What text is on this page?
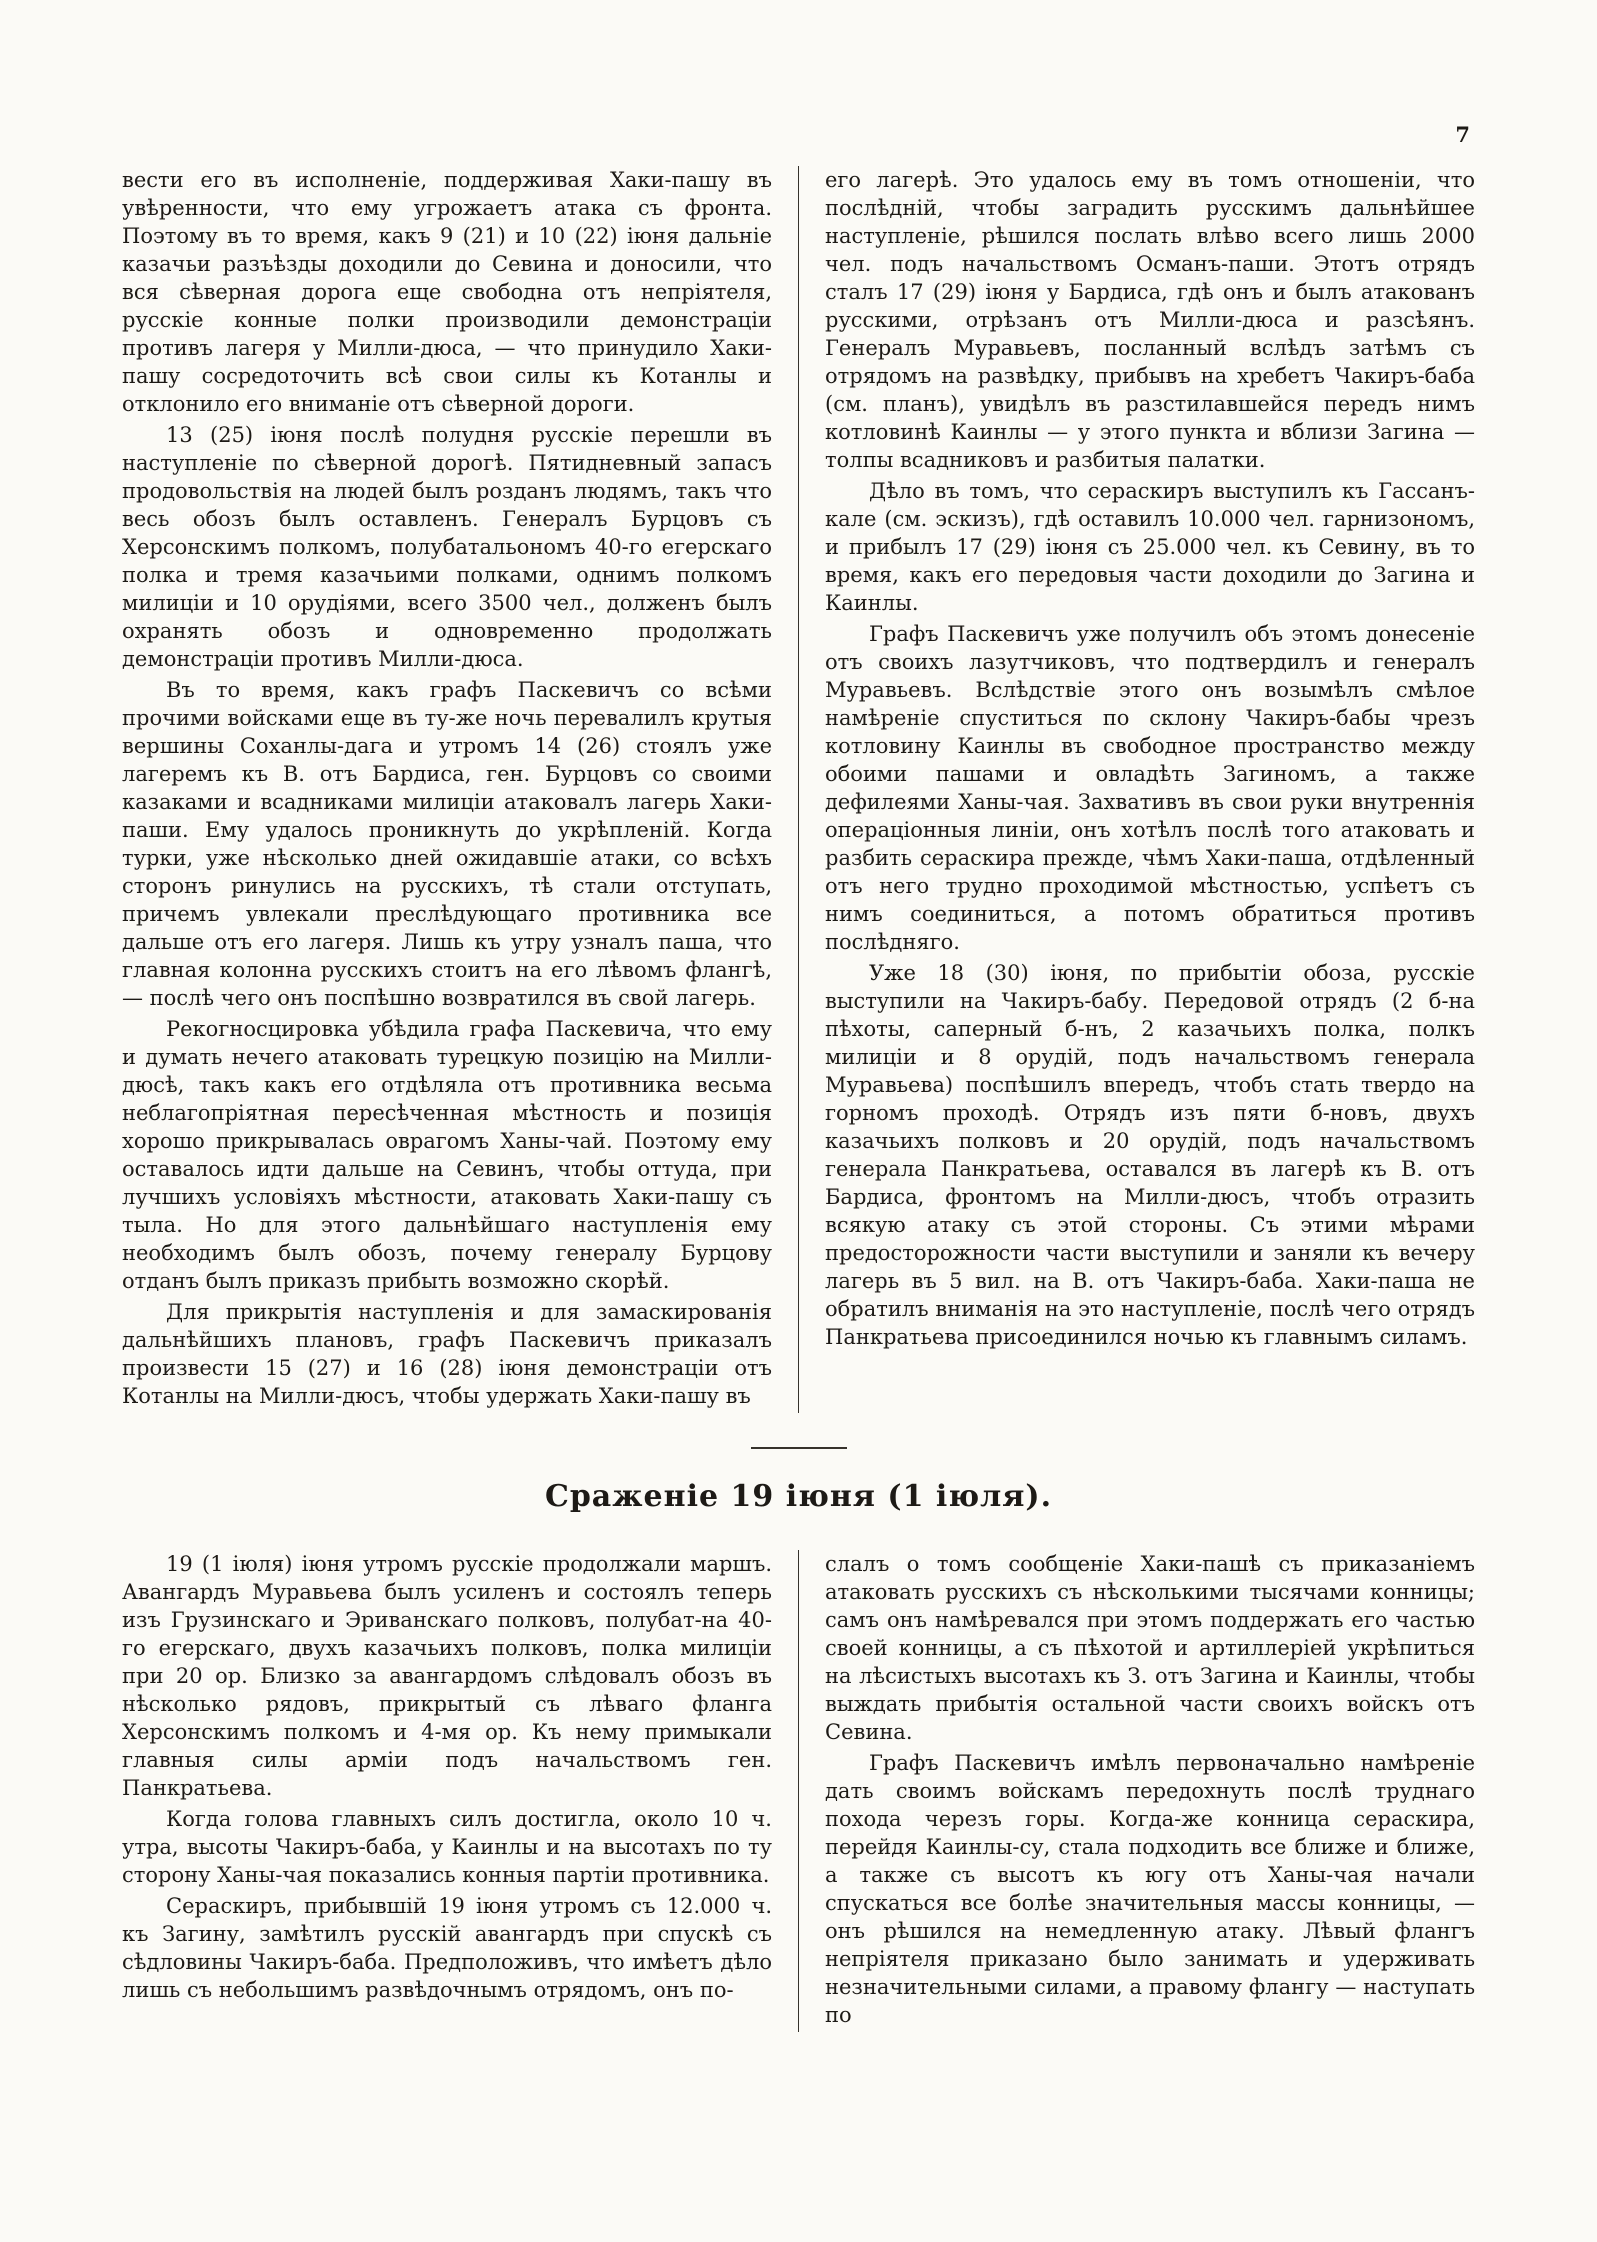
7

вести его въ исполненіе, поддерживая Хаки-пашу въ увѣренности, что ему угрожаетъ атака съ фронта. Поэтому въ то время, какъ 9 (21) и 10 (22) іюня дальніе казачьи разъѣзды доходили до Севина и доносили, что вся сѣверная дорога еще свободна отъ непріятеля, русскіе конные полки производили демонстраціи противъ лагеря у Милли-дюса, — что принудило Хаки-пашу сосредоточить всѣ свои силы къ Котанлы и отклонило его вниманіе отъ сѣверной дороги.

13 (25) іюня послѣ полудня русскіе перешли въ наступленіе по сѣверной дорогѣ. Пятидневный запасъ продовольствія на людей былъ розданъ людямъ, такъ что весь обозъ былъ оставленъ. Генералъ Бурцовъ съ Херсонскимъ полкомъ, полубатальономъ 40-го егерскаго полка и тремя казачьими полками, однимъ полкомъ милиціи и 10 орудіями, всего 3500 чел., долженъ былъ охранять обозъ и одновременно продолжать демонстраціи противъ Милли-дюса.

Въ то время, какъ графъ Паскевичъ со всѣми прочими войсками еще въ ту-же ночь перевалилъ крутыя вершины Соханлы-дага и утромъ 14 (26) стоялъ уже лагеремъ къ В. отъ Бардиса, ген. Бурцовъ со своими казаками и всадниками милиціи атаковалъ лагерь Хаки-паши. Ему удалось проникнуть до укрѣпленій. Когда турки, уже нѣсколько дней ожидавшіе атаки, со всѣхъ сторонъ ринулись на русскихъ, тѣ стали отступать, причемъ увлекали преслѣдующаго противника все дальше отъ его лагеря. Лишь къ утру узналъ паша, что главная колонна русскихъ стоитъ на его лѣвомъ флангѣ, — послѣ чего онъ поспѣшно возвратился въ свой лагерь.

Рекогносцировка убѣдила графа Паскевича, что ему и думать нечего атаковать турецкую позицію на Милли-дюсѣ, такъ какъ его отдѣляла отъ противника весьма неблагопріятная пересѣченная мѣстность и позиція хорошо прикрывалась оврагомъ Ханы-чай. Поэтому ему оставалось идти дальше на Севинъ, чтобы оттуда, при лучшихъ условіяхъ мѣстности, атаковать Хаки-пашу съ тыла. Но для этого дальнѣйшаго наступленія ему необходимъ былъ обозъ, почему генералу Бурцову отданъ былъ приказъ прибыть возможно скорѣй.

Для прикрытія наступленія и для замаскированія дальнѣйшихъ плановъ, графъ Паскевичъ приказалъ произвести 15 (27) и 16 (28) іюня демонстраціи отъ Котанлы на Милли-дюсъ, чтобы удержать Хаки-пашу въ

его лагерѣ. Это удалось ему въ томъ отношеніи, что послѣдній, чтобы заградить русскимъ дальнѣйшее наступленіе, рѣшился послать влѣво всего лишь 2000 чел. подъ начальствомъ Османъ-паши. Этотъ отрядъ сталъ 17 (29) іюня у Бардиса, гдѣ онъ и былъ атакованъ русскими, отрѣзанъ отъ Милли-дюса и разсѣянъ. Генералъ Муравьевъ, посланный вслѣдъ затѣмъ съ отрядомъ на развѣдку, прибывъ на хребетъ Чакиръ-баба (см. планъ), увидѣлъ въ разстилавшейся передъ нимъ котловинѣ Каинлы — у этого пункта и вблизи Загина — толпы всадниковъ и разбитыя палатки.

Дѣло въ томъ, что сераскиръ выступилъ къ Гассанъ-кале (см. эскизъ), гдѣ оставилъ 10.000 чел. гарнизономъ, и прибылъ 17 (29) іюня съ 25.000 чел. къ Севину, въ то время, какъ его передовыя части доходили до Загина и Каинлы.

Графъ Паскевичъ уже получилъ объ этомъ донесеніе отъ своихъ лазутчиковъ, что подтвердилъ и генералъ Муравьевъ. Вслѣдствіе этого онъ возымѣлъ смѣлое намѣреніе спуститься по склону Чакиръ-бабы чрезъ котловину Каинлы въ свободное пространство между обоими пашами и овладѣть Загиномъ, а также дефилеями Ханы-чая. Захвативъ въ свои руки внутреннія операціонныя линіи, онъ хотѣлъ послѣ того атаковать и разбить сераскира прежде, чѣмъ Хаки-паша, отдѣленный отъ него трудно проходимой мѣстностью, успѣетъ съ нимъ соединиться, а потомъ обратиться противъ послѣдняго.

Уже 18 (30) іюня, по прибытіи обоза, русскіе выступили на Чакиръ-бабу. Передовой отрядъ (2 б-на пѣхоты, саперный б-нъ, 2 казачьихъ полка, полкъ милиціи и 8 орудій, подъ начальствомъ генерала Муравьева) поспѣшилъ впередъ, чтобъ стать твердо на горномъ проходѣ. Отрядъ изъ пяти б-новъ, двухъ казачьихъ полковъ и 20 орудій, подъ начальствомъ генерала Панкратьева, оставался въ лагерѣ къ В. отъ Бардиса, фронтомъ на Милли-дюсъ, чтобъ отразить всякую атаку съ этой стороны. Съ этими мѣрами предосторожности части выступили и заняли къ вечеру лагерь въ 5 вил. на В. отъ Чакиръ-баба. Хаки-паша не обратилъ вниманія на это наступленіе, послѣ чего отрядъ Панкратьева присоединился ночью къ главнымъ силамъ.

Сраженіе 19 іюня (1 іюля).

19 (1 іюля) іюня утромъ русскіе продолжали маршъ. Авангардъ Муравьева былъ усиленъ и состоялъ теперь изъ Грузинскаго и Эриванскаго полковъ, полубат-на 40-го егерскаго, двухъ казачьихъ полковъ, полка милиціи при 20 ор. Близко за авангардомъ слѣдовалъ обозъ въ нѣсколько рядовъ, прикрытый съ лѣваго фланга Херсонскимъ полкомъ и 4-мя ор. Къ нему примыкали главныя силы арміи подъ начальствомъ ген. Панкратьева.

Когда голова главныхъ силъ достигла, около 10 ч. утра, высоты Чакиръ-баба, у Каинлы и на высотахъ по ту сторону Ханы-чая показались конныя партіи противника.

Сераскиръ, прибывшій 19 іюня утромъ съ 12.000 ч. къ Загину, замѣтилъ русскій авангардъ при спускѣ съ сѣдловины Чакиръ-баба. Предположивъ, что имѣетъ дѣло лишь съ небольшимъ развѣдочнымъ отрядомъ, онъ по-

слалъ о томъ сообщеніе Хаки-пашѣ съ приказаніемъ атаковать русскихъ съ нѣсколькими тысячами конницы; самъ онъ намѣревался при этомъ поддержать его частью своей конницы, а съ пѣхотой и артиллеріей укрѣпиться на лѣсистыхъ высотахъ къ З. отъ Загина и Каинлы, чтобы выждать прибытія остальной части своихъ войскъ отъ Севина.

Графъ Паскевичъ имѣлъ первоначально намѣреніе дать своимъ войскамъ передохнуть послѣ труднаго похода черезъ горы. Когда-же конница сераскира, перейдя Каинлы-су, стала подходить все ближе и ближе, а также съ высотъ къ югу отъ Ханы-чая начали спускаться все болѣе значительныя массы конницы, — онъ рѣшился на немедленную атаку. Лѣвый флангъ непріятеля приказано было занимать и удерживать незначительными силами, а правому флангу — наступать по
